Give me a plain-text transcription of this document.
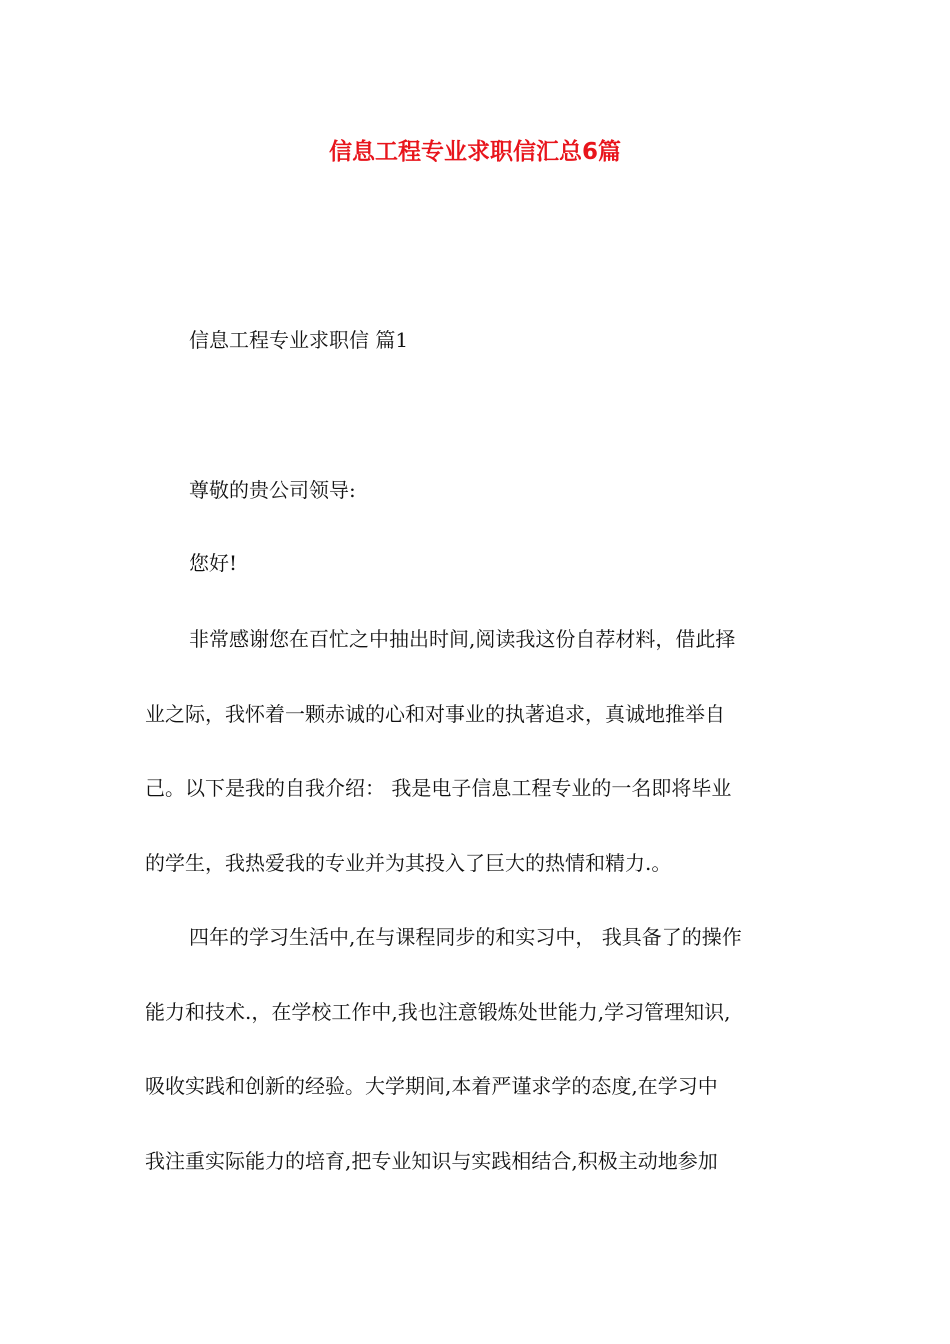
信息工程专业求职信汇总6篇
信息工程专业求职信 篇1
尊敬的贵公司领导:
您好!
非常感谢您在百忙之中抽出时间,阅读我这份自荐材料，借此择
业之际，我怀着一颗赤诚的心和对事业的执著追求，真诚地推举自
己。以下是我的自我介绍： 我是电子信息工程专业的一名即将毕业
的学生，我热爱我的专业并为其投入了巨大的热情和精力.。
四年的学习生活中,在与课程同步的和实习中， 我具备了的操作
能力和技术.，在学校工作中,我也注意锻炼处世能力,学习管理知识,
吸收实践和创新的经验。大学期间,本着严谨求学的态度,在学习中
我注重实际能力的培育,把专业知识与实践相结合,积极主动地参加
